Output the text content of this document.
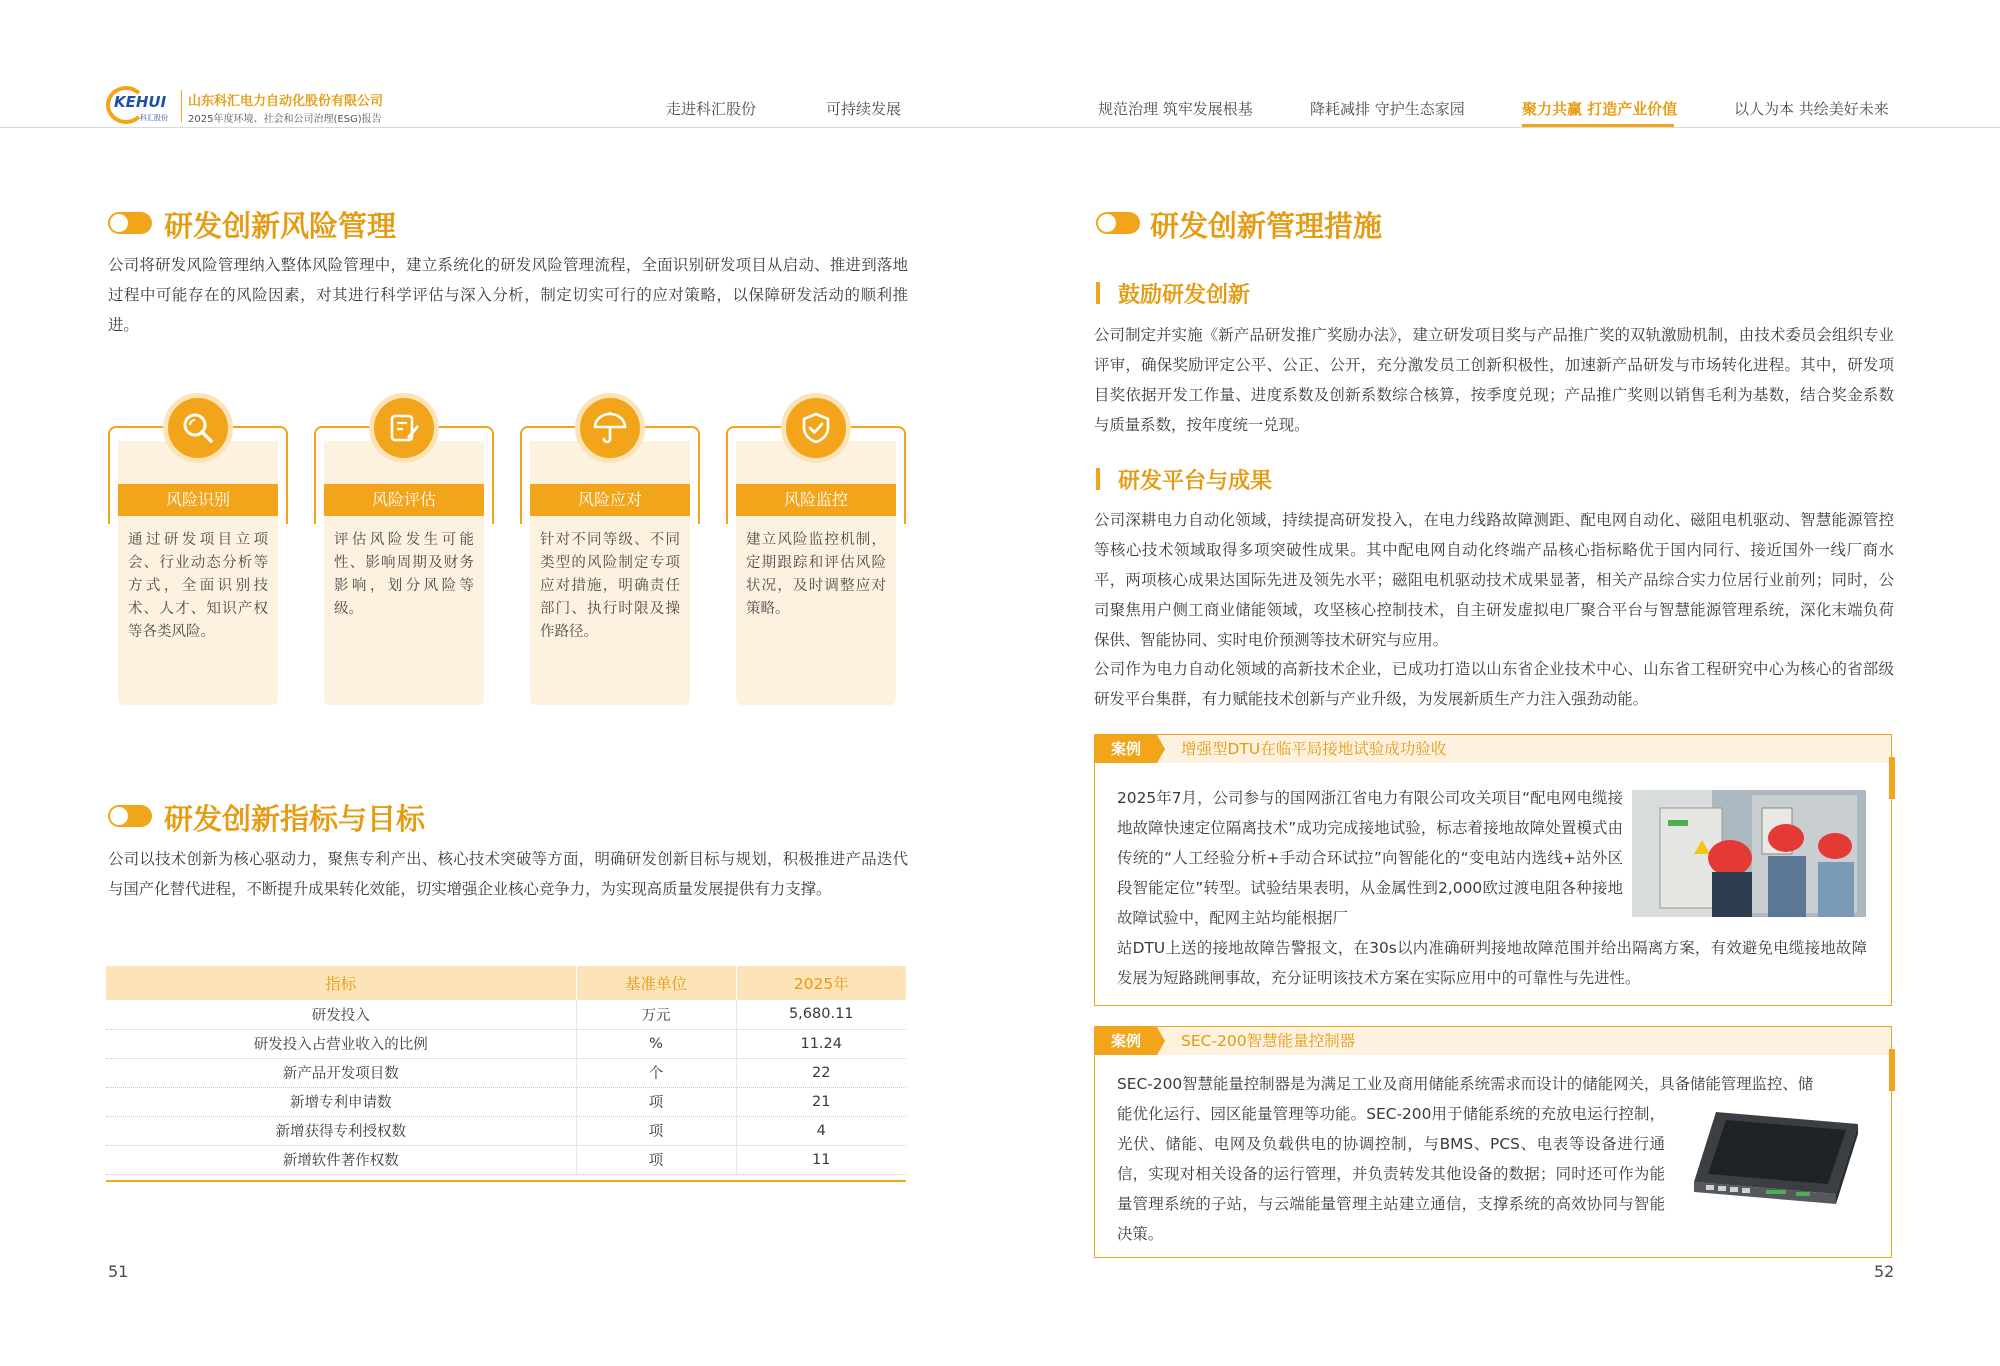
KEHUI
科汇股份
山东科汇电力自动化股份有限公司
2025年度环境、社会和公司治理(ESG)报告
走进科汇股份	可持续发展	规范治理 筑牢发展根基	降耗减排 守护生态家园	聚力共赢 打造产业价值	以人为本 共绘美好未来
研发创新风险管理
公司将研发风险管理纳入整体风险管理中，建立系统化的研发风险管理流程，全面识别研发项目从启动、推进到落地过程中可能存在的风险因素，对其进行科学评估与深入分析，制定切实可行的应对策略，以保障研发活动的顺利推进。
风险识别
通过研发项目立项会、行业动态分析等方式，全面识别技术、人才、知识产权等各类风险。
风险评估
评估风险发生可能性、影响周期及财务影响，划分风险等级。
风险应对
针对不同等级、不同类型的风险制定专项应对措施，明确责任部门、执行时限及操作路径。
风险监控
建立风险监控机制，定期跟踪和评估风险状况，及时调整应对策略。
研发创新指标与目标
公司以技术创新为核心驱动力，聚焦专利产出、核心技术突破等方面，明确研发创新目标与规划，积极推进产品迭代与国产化替代进程，不断提升成果转化效能，切实增强企业核心竞争力，为实现高质量发展提供有力支撑。
指标	基准单位	2025年
研发投入	万元	5,680.11
研发投入占营业收入的比例	%	11.24
新产品开发项目数	个	22
新增专利申请数	项	21
新增获得专利授权数	项	4
新增软件著作权数	项	11
51
研发创新管理措施
鼓励研发创新
公司制定并实施《新产品研发推广奖励办法》，建立研发项目奖与产品推广奖的双轨激励机制，由技术委员会组织专业评审，确保奖励评定公平、公正、公开，充分激发员工创新积极性，加速新产品研发与市场转化进程。其中，研发项目奖依据开发工作量、进度系数及创新系数综合核算，按季度兑现；产品推广奖则以销售毛利为基数，结合奖金系数与质量系数，按年度统一兑现。
研发平台与成果
公司深耕电力自动化领域，持续提高研发投入，在电力线路故障测距、配电网自动化、磁阻电机驱动、智慧能源管控等核心技术领域取得多项突破性成果。其中配电网自动化终端产品核心指标略优于国内同行、接近国外一线厂商水平，两项核心成果达国际先进及领先水平；磁阻电机驱动技术成果显著，相关产品综合实力位居行业前列；同时，公司聚焦用户侧工商业储能领域，攻坚核心控制技术，自主研发虚拟电厂聚合平台与智慧能源管理系统，深化末端负荷保供、智能协同、实时电价预测等技术研究与应用。
公司作为电力自动化领域的高新技术企业，已成功打造以山东省企业技术中心、山东省工程研究中心为核心的省部级研发平台集群，有力赋能技术创新与产业升级，为发展新质生产力注入强劲动能。
案例	增强型DTU在临平局接地试验成功验收
2025年7月，公司参与的国网浙江省电力有限公司攻关项目“配电网电缆接地故障快速定位隔离技术”成功完成接地试验，标志着接地故障处置模式由传统的“人工经验分析+手动合环试拉”向智能化的“变电站内选线+站外区段智能定位”转型。试验结果表明，从金属性到2,000欧过渡电阻各种接地故障试验中，配网主站均能根据厂
站DTU上送的接地故障告警报文，在30s以内准确研判接地故障范围并给出隔离方案，有效避免电缆接地故障发展为短路跳闸事故，充分证明该技术方案在实际应用中的可靠性与先进性。
案例	SEC-200智慧能量控制器
SEC-200智慧能量控制器是为满足工业及商用储能系统需求而设计的储能网关，具备储能管理监控、储
能优化运行、园区能量管理等功能。SEC-200用于储能系统的充放电运行控制，光伏、储能、电网及负载供电的协调控制，与BMS、PCS、电表等设备进行通信，实现对相关设备的运行管理，并负责转发其他设备的数据；同时还可作为能量管理系统的子站，与云端能量管理主站建立通信，支撑系统的高效协同与智能决策。
52
